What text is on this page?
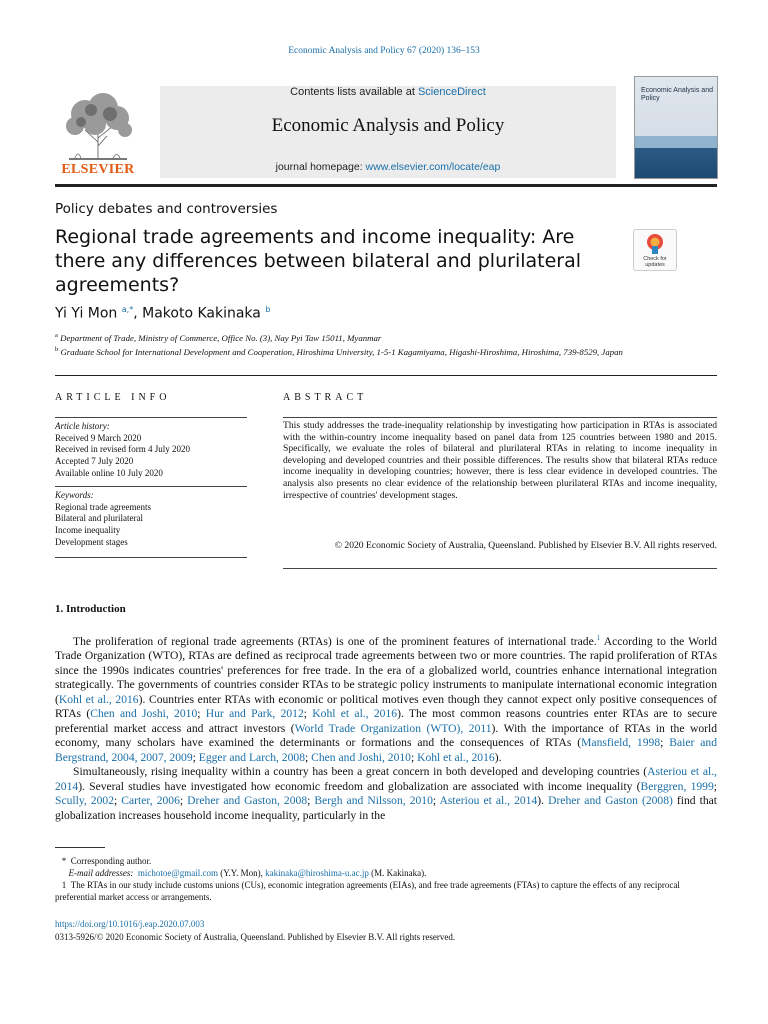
Economic Analysis and Policy 67 (2020) 136–153
ELSEVIER
Contents lists available at ScienceDirect
Economic Analysis and Policy
journal homepage: www.elsevier.com/locate/eap
Economic Analysis and Policy
Policy debates and controversies
Regional trade agreements and income inequality: Are there any differences between bilateral and plurilateral agreements?
Check for
updates
Yi Yi Mon $^{a,*}$, Makoto Kakinaka $^b$
$^a$ Department of Trade, Ministry of Commerce, Office No. (3), Nay Pyi Taw 15011, Myanmar
$^b$ Graduate School for International Development and Cooperation, Hiroshima University, 1-5-1 Kagamiyama, Higashi-Hiroshima, Hiroshima, 739-8529, Japan
ARTICLE INFO	ABSTRACT
Article history:
Received 9 March 2020
Received in revised form 4 July 2020
Accepted 7 July 2020
Available online 10 July 2020
Keywords:
Regional trade agreements
Bilateral and plurilateral
Income inequality
Development stages
This study addresses the trade-inequality relationship by investigating how participation in RTAs is associated with the within-country income inequality based on panel data from 125 countries between 1980 and 2015. Specifically, we evaluate the roles of bilateral and plurilateral RTAs in relating to income inequality in developing and developed countries and their possible differences. The results show that bilateral RTAs reduce income inequality in developing countries; however, there is less clear evidence in developed countries. The analysis also presents no clear evidence of the relationship between plurilateral RTAs and income inequality, irrespective of countries' development stages.
© 2020 Economic Society of Australia, Queensland. Published by Elsevier B.V. All rights reserved.
1. Introduction

The proliferation of regional trade agreements (RTAs) is one of the prominent features of international trade.$^1$ According to the World Trade Organization (WTO), RTAs are defined as reciprocal trade agreements between two or more countries. The rapid proliferation of RTAs since the 1990s indicates countries' preferences for free trade. In the era of a globalized world, countries enhance international integration strategically. The governments of countries consider RTAs to be strategic policy instruments to manipulate international economic integration (Kohl et al., 2016). Countries enter RTAs with economic or political motives even though they cannot expect only positive consequences of RTAs (Chen and Joshi, 2010; Hur and Park, 2012; Kohl et al., 2016). The most common reasons countries enter RTAs are to secure preferential market access and attract investors (World Trade Organization (WTO), 2011). With the importance of RTAs in the world economy, many scholars have examined the determinants or formations and the consequences of RTAs (Mansfield, 1998; Baier and Bergstrand, 2004, 2007, 2009; Egger and Larch, 2008; Chen and Joshi, 2010; Kohl et al., 2016).

Simultaneously, rising inequality within a country has been a great concern in both developed and developing countries (Asteriou et al., 2014). Several studies have investigated how economic freedom and globalization are associated with income inequality (Berggren, 1999; Scully, 2002; Carter, 2006; Dreher and Gaston, 2008; Bergh and Nilsson, 2010; Asteriou et al., 2014). Dreher and Gaston (2008) find that globalization increases household income inequality, particularly in the

* Corresponding author.
E-mail addresses: michotoe@gmail.com (Y.Y. Mon), kakinaka@hiroshima-u.ac.jp (M. Kakinaka).
1 The RTAs in our study include customs unions (CUs), economic integration agreements (EIAs), and free trade agreements (FTAs) to capture the effects of any reciprocal preferential market access or arrangements.
https://doi.org/10.1016/j.eap.2020.07.003
0313-5926/© 2020 Economic Society of Australia, Queensland. Published by Elsevier B.V. All rights reserved.
